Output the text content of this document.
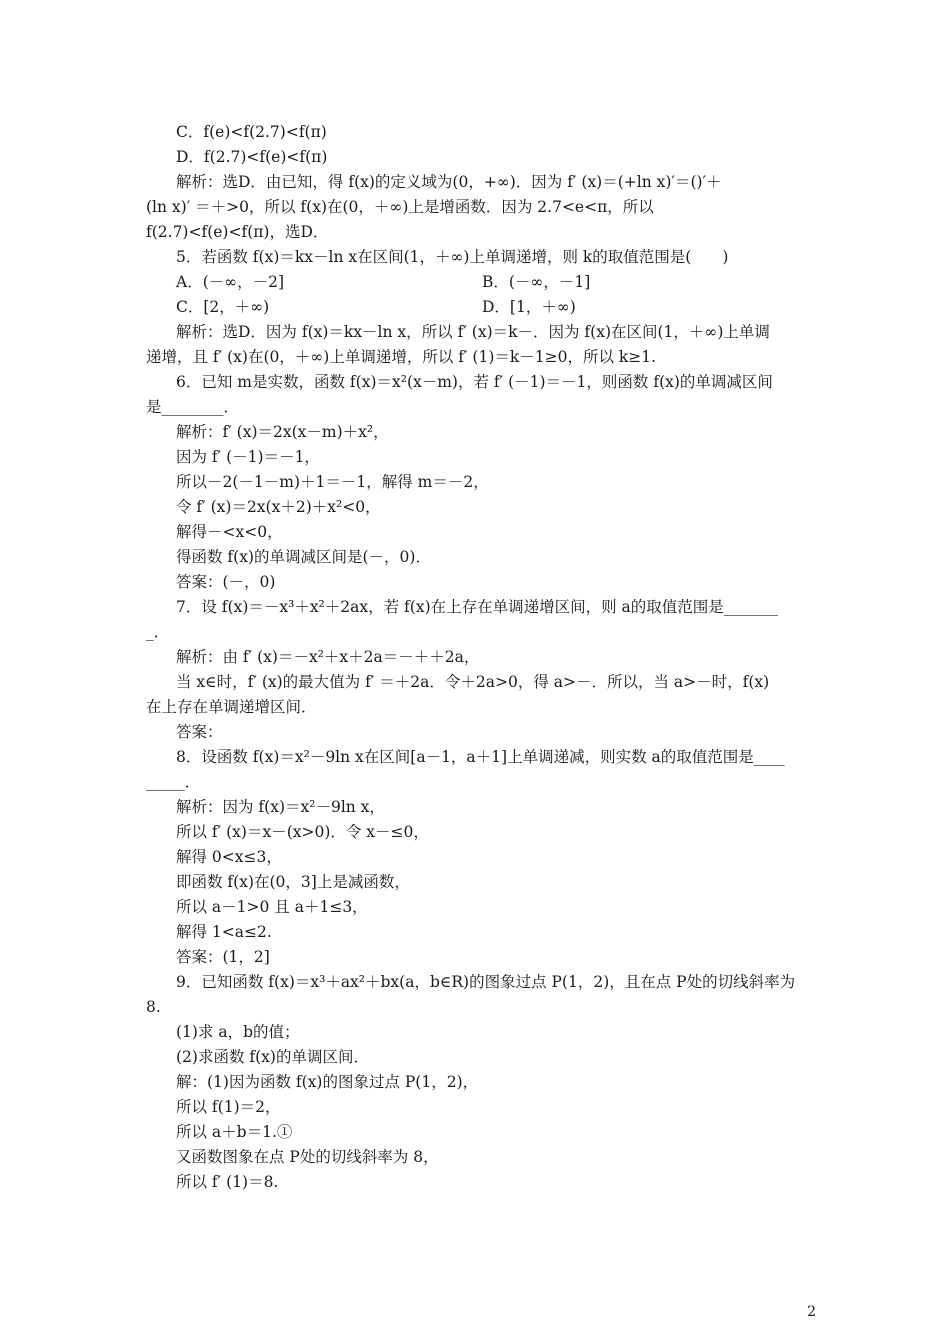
C．f(e)<f(2.7)<f(π)
D．f(2.7)<f(e)<f(π)
解析：选D．由已知，得 f(x)的定义域为(0，+∞)．因为 f′ (x)＝(+ln x)′＝()′＋
(ln x)′ ＝＋>0，所以 f(x)在(0，＋∞)上是增函数．因为 2.7<e<π，所以
f(2.7)<f(e)<f(π)，选D．
5．若函数 f(x)＝kx－ln x在区间(1，＋∞)上单调递增，则 k的取值范围是(　　)
A．(－∞，－2]	B．(－∞，－1]
C．[2，＋∞)	D．[1，＋∞)
解析：选D．因为 f(x)＝kx－ln x，所以 f′ (x)＝k－．因为 f(x)在区间(1，＋∞)上单调
递增，且 f′ (x)在(0，＋∞)上单调递增，所以 f′ (1)＝k－1≥0，所以 k≥1.
6．已知 m是实数，函数 f(x)＝x²(x－m)，若 f′ (－1)＝－1，则函数 f(x)的单调减区间
是________．
解析：f′ (x)＝2x(x－m)＋x²，
因为 f′ (－1)＝－1，
所以－2(－1－m)＋1＝－1，解得 m＝－2，
令 f′ (x)＝2x(x＋2)＋x²<0，
解得－<x<0，
得函数 f(x)的单调减区间是(－，0)．
答案：(－，0)
7．设 f(x)＝－x³＋x²＋2ax，若 f(x)在上存在单调递增区间，则 a的取值范围是_______
_．
解析：由 f′ (x)＝－x²＋x＋2a＝－＋＋2a，
当 x∈时，f′ (x)的最大值为 f′ ＝＋2a．令＋2a>0，得 a>－．所以，当 a>－时，f(x)
在上存在单调递增区间．
答案：
8．设函数 f(x)＝x²－9ln x在区间[a－1，a＋1]上单调递减，则实数 a的取值范围是____
_____．
解析：因为 f(x)＝x²－9ln x，
所以 f′ (x)＝x－(x>0)．令 x－≤0，
解得 0<x≤3，
即函数 f(x)在(0，3]上是减函数，
所以 a－1>0 且 a＋1≤3，
解得 1<a≤2.
答案：(1，2]
9．已知函数 f(x)＝x³＋ax²＋bx(a，b∈R)的图象过点 P(1，2)，且在点 P处的切线斜率为
8.
(1)求 a，b的值；
(2)求函数 f(x)的单调区间．
解：(1)因为函数 f(x)的图象过点 P(1，2)，
所以 f(1)＝2，
所以 a＋b＝1.①
又函数图象在点 P处的切线斜率为 8，
所以 f′ (1)＝8.
2
